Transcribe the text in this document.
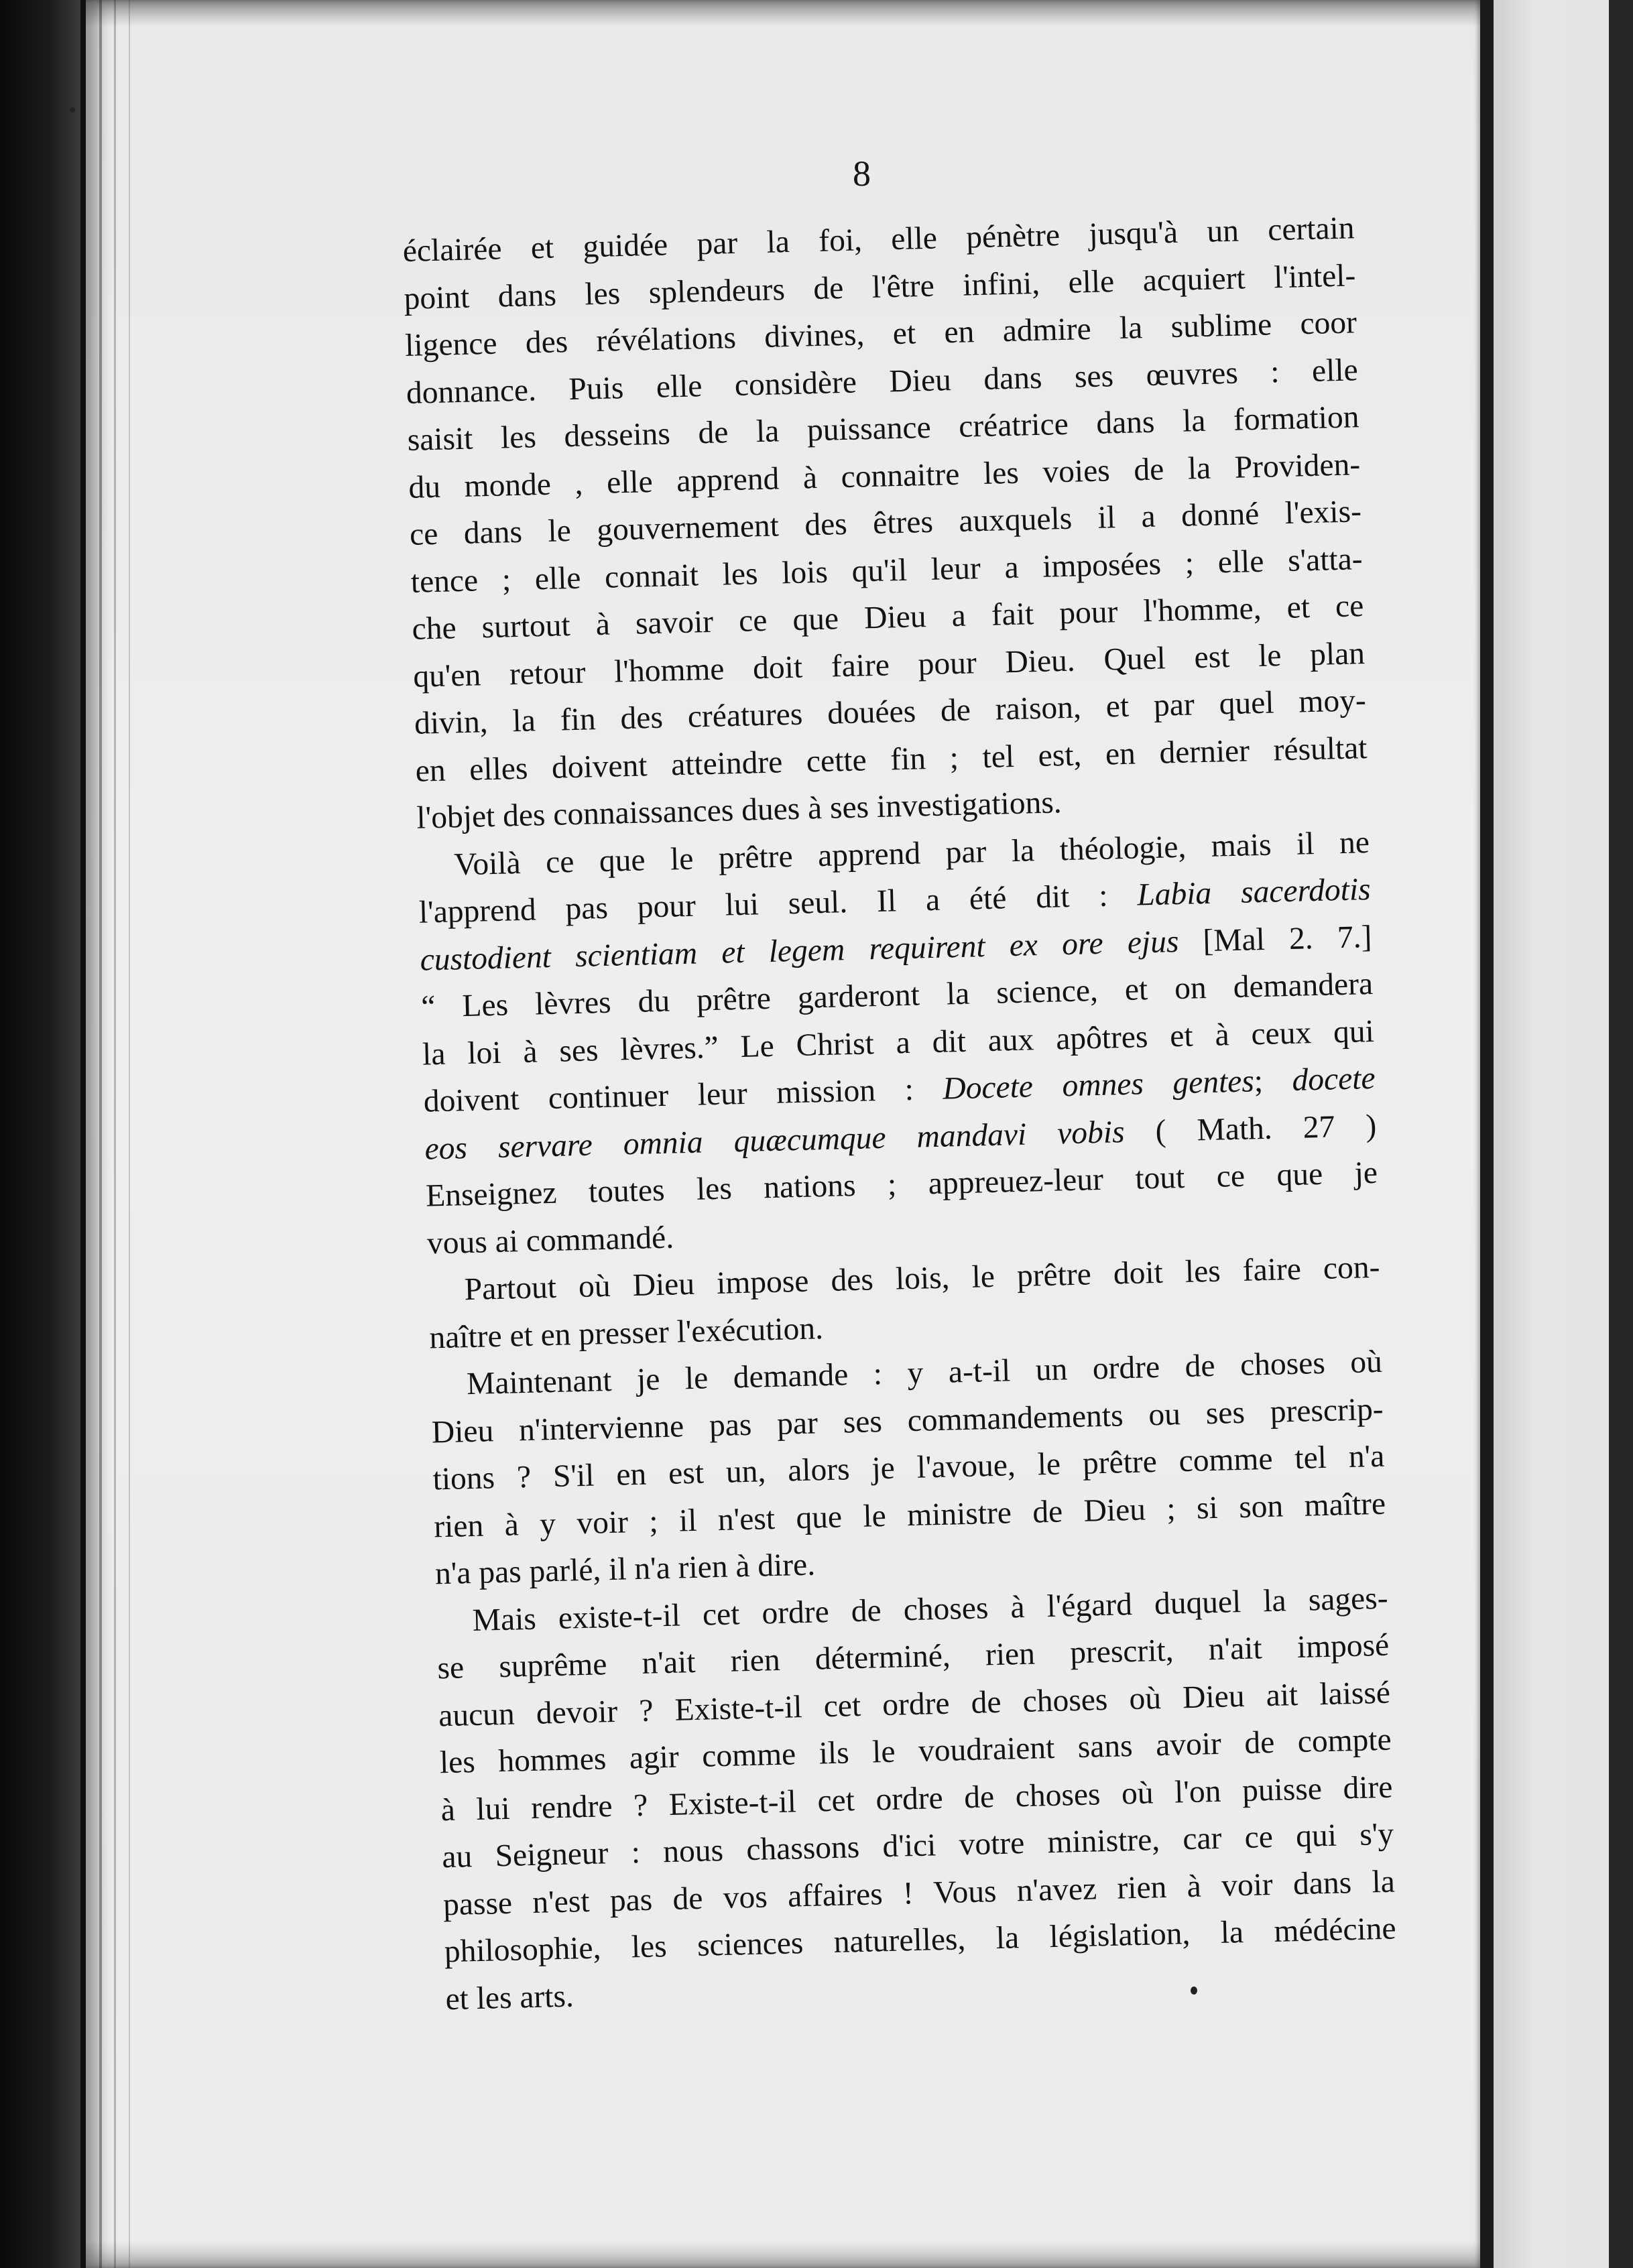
8

éclairée et guidée par la foi, elle pénètre jusqu'à un certain
point dans les splendeurs de l'être infini, elle acquiert l'intel-
ligence des révélations divines, et en admire la sublime coor
donnance. Puis elle considère Dieu dans ses œuvres : elle
saisit les desseins de la puissance créatrice dans la formation
du monde , elle apprend à connaitre les voies de la Providen-
ce dans le gouvernement des êtres auxquels il a donné l'exis-
tence ; elle connait les lois qu'il leur a imposées ; elle s'atta-
che surtout à savoir ce que Dieu a fait pour l'homme, et ce
qu'en retour l'homme doit faire pour Dieu. Quel est le plan
divin, la fin des créatures douées de raison, et par quel moy-
en elles doivent atteindre cette fin ; tel est, en dernier résultat
l'objet des connaissances dues à ses investigations.

Voilà ce que le prêtre apprend par la théologie, mais il ne
l'apprend pas pour lui seul. Il a été dit : Labia sacerdotis
custodient scientiam et legem requirent ex ore ejus [Mal 2. 7.]
“ Les lèvres du prêtre garderont la science, et on demandera
la loi à ses lèvres.” Le Christ a dit aux apôtres et à ceux qui
doivent continuer leur mission : Docete omnes gentes; docete
eos servare omnia quæcumque mandavi vobis ( Math. 27 )
Enseignez toutes les nations ; appreuez-leur tout ce que je
vous ai commandé.

Partout où Dieu impose des lois, le prêtre doit les faire con-
naître et en presser l'exécution.

Maintenant je le demande : y a-t-il un ordre de choses où
Dieu n'intervienne pas par ses commandements ou ses prescrip-
tions ? S'il en est un, alors je l'avoue, le prêtre comme tel n'a
rien à y voir ; il n'est que le ministre de Dieu ; si son maître
n'a pas parlé, il n'a rien à dire.

Mais existe-t-il cet ordre de choses à l'égard duquel la sages-
se suprême n'ait rien déterminé, rien prescrit, n'ait imposé
aucun devoir ? Existe-t-il cet ordre de choses où Dieu ait laissé
les hommes agir comme ils le voudraient sans avoir de compte
à lui rendre ? Existe-t-il cet ordre de choses où l'on puisse dire
au Seigneur : nous chassons d'ici votre ministre, car ce qui s'y
passe n'est pas de vos affaires ! Vous n'avez rien à voir dans la
philosophie, les sciences naturelles, la législation, la médécine
et les arts.
